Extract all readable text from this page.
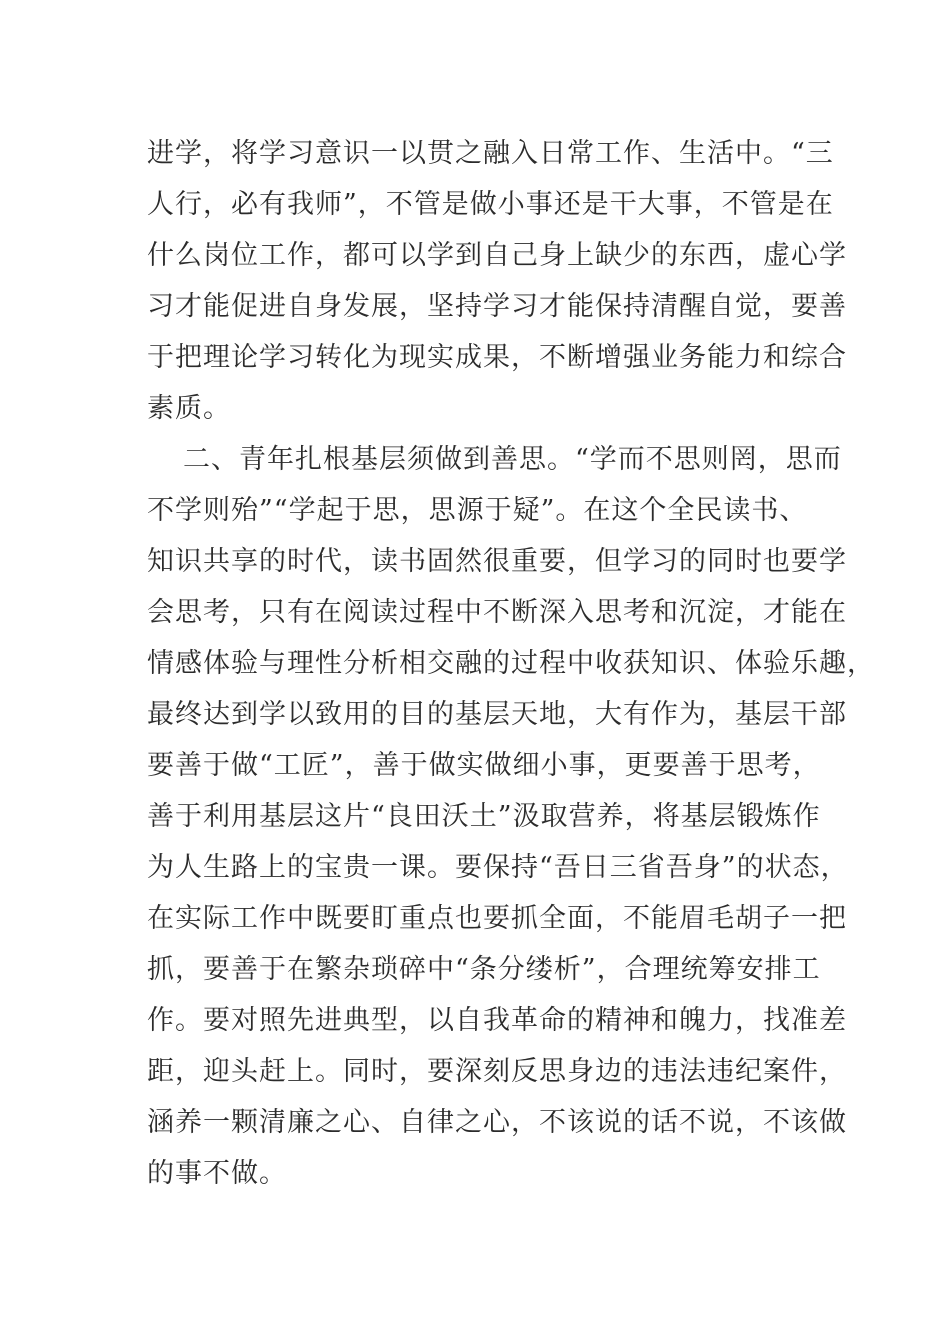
进学，将学习意识一以贯之融入日常工作、生活中。“三
人行，必有我师”，不管是做小事还是干大事，不管是在
什么岗位工作，都可以学到自己身上缺少的东西，虚心学
习才能促进自身发展，坚持学习才能保持清醒自觉，要善
于把理论学习转化为现实成果，不断增强业务能力和综合
素质。
二、青年扎根基层须做到善思。“学而不思则罔，思而
不学则殆”“学起于思，思源于疑”。在这个全民读书、
知识共享的时代，读书固然很重要，但学习的同时也要学
会思考，只有在阅读过程中不断深入思考和沉淀，才能在
情感体验与理性分析相交融的过程中收获知识、体验乐趣，
最终达到学以致用的目的基层天地，大有作为，基层干部
要善于做“工匠”，善于做实做细小事，更要善于思考，
善于利用基层这片“良田沃土”汲取营养，将基层锻炼作
为人生路上的宝贵一课。要保持“吾日三省吾身”的状态，
在实际工作中既要盯重点也要抓全面，不能眉毛胡子一把
抓，要善于在繁杂琐碎中“条分缕析”，合理统筹安排工
作。要对照先进典型，以自我革命的精神和魄力，找准差
距，迎头赶上。同时，要深刻反思身边的违法违纪案件，
涵养一颗清廉之心、自律之心，不该说的话不说，不该做
的事不做。
